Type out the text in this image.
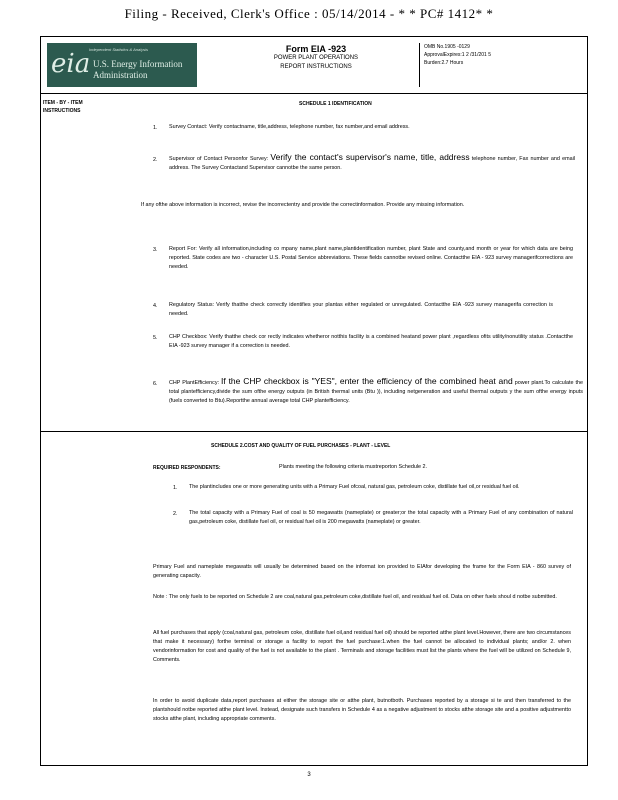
Filing - Received, Clerk's Office : 05/14/2014 - * * PC# 1412* *
Independent Statistics & Analysis
eia U.S. Energy Information
Administration
Form EIA -923
POWER PLANT OPERATIONS
REPORT INSTRUCTIONS
OMB No.1905 -0129
ApprovalExpires:1 2 /31/201 5
Burden:2.7 Hours
ITEM - BY - ITEM
INSTRUCTIONS
SCHEDULE 1 IDENTIFICATION
1. Survey Contact: Verify contactname, title,address, telephone number, fax number,and email address.
2. Supervisor of Contact Personfor Survey: Verify the contact's supervisor's name, title, address telephone number, Fax number and email address. The Survey Contactand Supervisor cannotbe the same person.
If any ofthe above information is incorrect, revise the incorrectentry and provide the correctinformation. Provide any missing information.
3. Report For: Verify all information,including co mpany name,plant name,plantidentification number, plant State and county,and month or year for which data are being reported. State codes are two - character U.S. Postal Service abbreviations. These fields cannotbe revised online. Contactthe EIA - 923 survey managerifcorrections are needed.
4. Regulatory Status: Verify thatthe check correctly identifies your plantas either regulated or unregulated. Contactthe EIA -923 survey managerifa correction is needed.
5. CHP Checkbox: Verify thatthe check cor rectly indicates whetheror notthis facility is a combined heatand power plant ,regardless ofits utility/nonutility status .Contactthe EIA -923 survey manager if a correction is needed.
6. CHP PlantEfficiency: If the CHP checkbox is "YES", enter the efficiency of the combined heat and power plant.To calculate the total plantefficiency,divide the sum ofthe energy outputs (in British thermal units (Btu )), including netgeneration and useful thermal outputs y the sum ofthe energy inputs (fuels converted to Btu).Reportthe annual average total CHP plantefficiency.
SCHEDULE 2.COST AND QUALITY OF FUEL PURCHASES - PLANT - LEVEL
REQUIRED RESPONDENTS:	Plants meeting the following criteria mustreporton Schedule 2.
1. The plantincludes one or more generating units with a Primary Fuel ofcoal, natural gas, petroleum coke, distillate fuel oil,or residual fuel oil.
2. The total capacity with a Primary Fuel of coal is 50 megawatts (nameplate) or greater;or the total capacity with a Primary Fuel of any combination of natural gas,petroleum coke, distillate fuel oil, or residual fuel oil is 200 megawatts (nameplate) or greater.
Primary Fuel and nameplate megawatts will usually be determined based on the informat ion provided to EIAfor developing the frame for the Form EIA - 860 survey of generating capacity.
Note : The only fuels to be reported on Schedule 2 are coal,natural gas,petroleum coke,distillate fuel oil, and residual fuel oil. Data on other fuels shoul d notbe submitted.
All fuel purchases that apply (coal,natural gas, petroleum coke, distillate fuel oil,and residual fuel oil) should be reported atthe plant level.However, there are two circumstances that make it necessary) forthe terminal or storage a facility to report the fuel purchase:1.when the fuel cannot be allocated to individual plants; and/or 2. when vendorinformation for cost and quality of the fuel is not available to the plant . Terminals and storage facilities must list the plants where the fuel will be utilized on Schedule 9, Comments.
In order to avoid duplicate data,report purchases at either the storage site or atthe plant, butnotboth. Purchases reported by a storage si te and then transferred to the plantshould notbe reported atthe plant level. Instead, designate such transfers in Schedule 4 as a negative adjustment to stocks atthe storage site and a positive adjustmentto stocks atthe plant, including appropriate comments.
3
